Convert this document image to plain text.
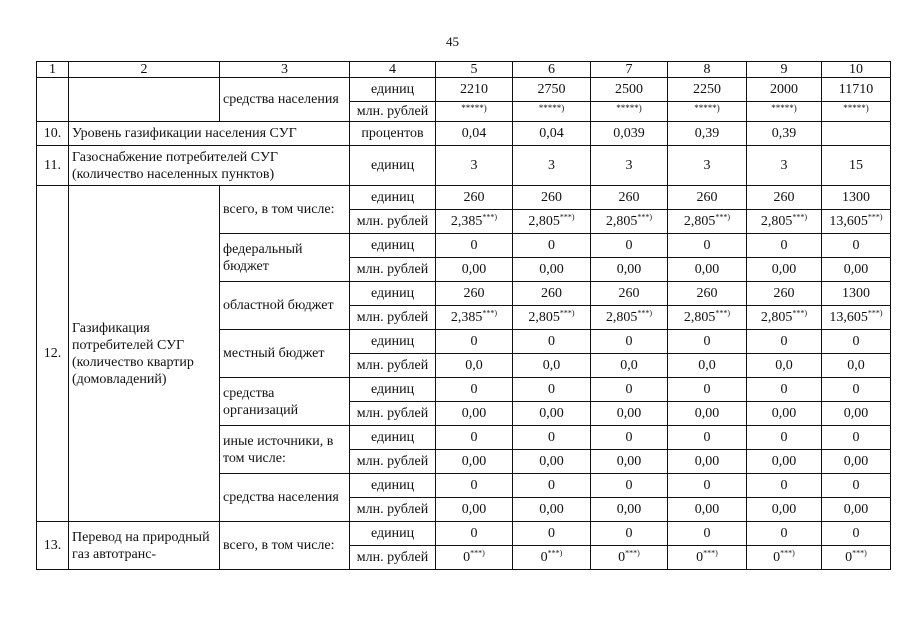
45
1	2	3	4	5	6	7	8	9	10
		средства населения	единиц	2210	2750	2500	2250	2000	11710
			млн. рублей	*****)	*****)	*****)	*****)	*****)	*****)
10.	Уровень газификации населения СУГ		процентов	0,04	0,04	0,039	0,39	0,39	
11.	Газоснабжение потребителей СУГ (количество населенных пунктов)		единиц	3	3	3	3	3	15
12.	Газификация потребителей СУГ (количество квартир (домовладений)	всего, в том числе:	единиц	260	260	260	260	260	1300
			млн. рублей	2,385***)	2,805***)	2,805***)	2,805***)	2,805***)	13,605***)
		федеральный бюджет	единиц	0	0	0	0	0	0
			млн. рублей	0,00	0,00	0,00	0,00	0,00	0,00
		областной бюджет	единиц	260	260	260	260	260	1300
			млн. рублей	2,385***)	2,805***)	2,805***)	2,805***)	2,805***)	13,605***)
		местный бюджет	единиц	0	0	0	0	0	0
			млн. рублей	0,0	0,0	0,0	0,0	0,0	0,0
		средства организаций	единиц	0	0	0	0	0	0
			млн. рублей	0,00	0,00	0,00	0,00	0,00	0,00
		иные источники, в том числе:	единиц	0	0	0	0	0	0
			млн. рублей	0,00	0,00	0,00	0,00	0,00	0,00
		средства населения	единиц	0	0	0	0	0	0
			млн. рублей	0,00	0,00	0,00	0,00	0,00	0,00
13.	Перевод на природный газ автотранс-	всего, в том числе:	единиц	0	0	0	0	0	0
			млн. рублей	0***)	0***)	0***)	0***)	0***)	0***)
